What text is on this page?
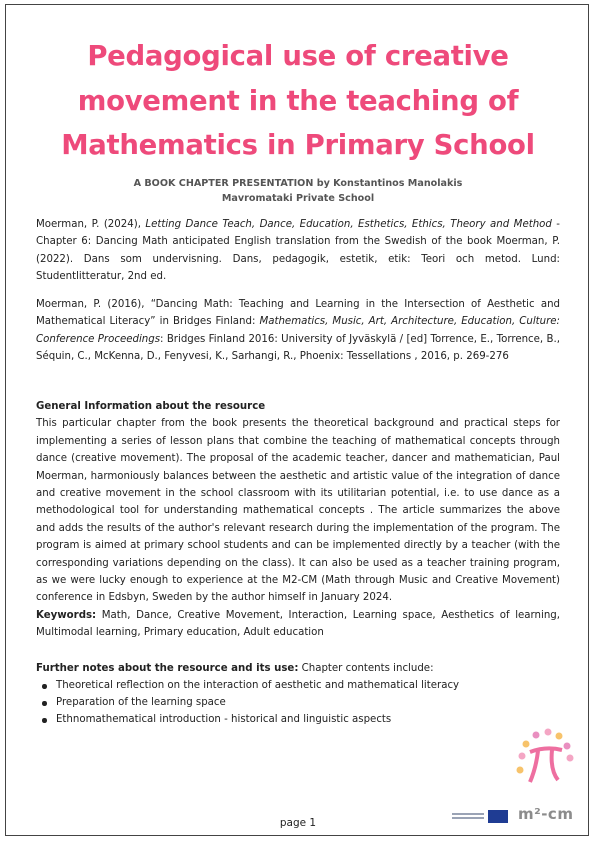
Pedagogical use of creative
movement in the teaching of
Mathematics in Primary School
A BOOK CHAPTER PRESENTATION by Konstantinos Manolakis
Mavromataki Private School
Moerman, P. (2024), Letting Dance Teach, Dance, Education, Esthetics, Ethics, Theory and Method - Chapter 6: Dancing Math anticipated English translation from the Swedish of the book Moerman, P. (2022). Dans som undervisning. Dans, pedagogik, estetik, etik: Teori och metod. Lund: Studentlitteratur, 2nd ed.
Moerman, P. (2016), “Dancing Math: Teaching and Learning in the Intersection of Aesthetic and Mathematical Literacy” in Bridges Finland: Mathematics, Music, Art, Architecture, Education, Culture: Conference Proceedings: Bridges Finland 2016: University of Jyväskylä / [ed] Torrence, E., Torrence, B., Séquin, C., McKenna, D., Fenyvesi, K., Sarhangi, R., Phoenix: Tessellations , 2016, p. 269-276
General Information about the resource
This particular chapter from the book presents the theoretical background and practical steps for implementing a series of lesson plans that combine the teaching of mathematical concepts through dance (creative movement). The proposal of the academic teacher, dancer and mathematician, Paul Moerman, harmoniously balances between the aesthetic and artistic value of the integration of dance and creative movement in the school classroom with its utilitarian potential, i.e. to use dance as a methodological tool for understanding mathematical concepts . The article summarizes the above and adds the results of the author's relevant research during the implementation of the program. The program is aimed at primary school students and can be implemented directly by a teacher (with the corresponding variations depending on the class). It can also be used as a teacher training program, as we were lucky enough to experience at the M2-CM (Math through Music and Creative Movement) conference in Edsbyn, Sweden by the author himself in January 2024.
Keywords: Math, Dance, Creative Movement, Interaction, Learning space, Aesthetics of learning, Multimodal learning, Primary education, Adult education
Further notes about the resource and its use: Chapter contents include:
Theoretical reflection on the interaction of aesthetic and mathematical literacy
Preparation of the learning space
Ethnomathematical introduction - historical and linguistic aspects
m²-cm
page 1
